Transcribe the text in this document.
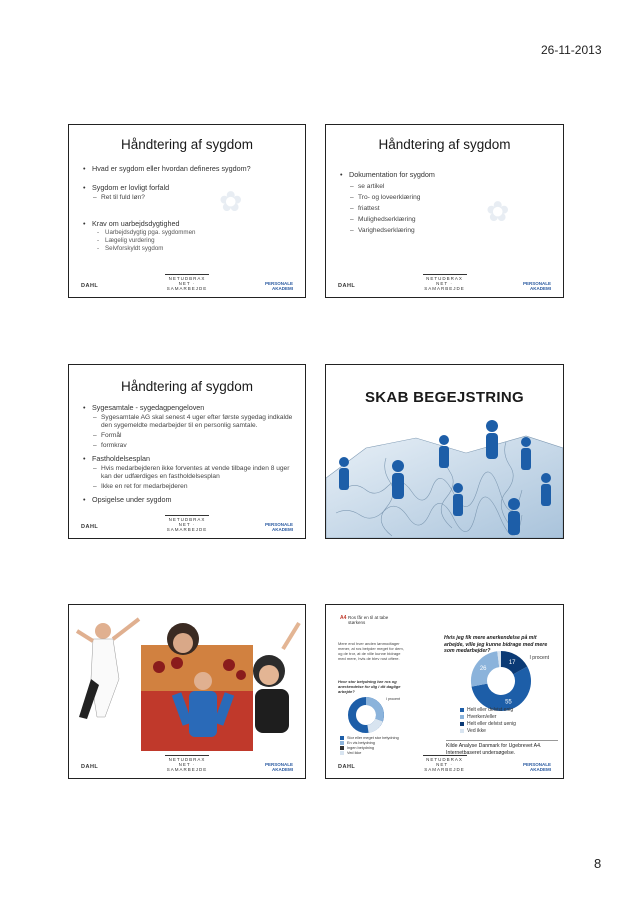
26-11-2013
✿
Håndtering af sygdom
• Hvad er sygdom eller hvordan defineres sygdom?
• Sygdom er lovligt forfald
– Ret til fuld løn?
• Krav om uarbejdsdygtighed
- Uarbejdsdygtig pga. sygdommen
- Lægelig vurdering
- Selvforskyldt sygdom
DAHL
NETUDBRAX
NET · SAMARBEJDE
PERSONALE
AKADEMI
✿
Håndtering af sygdom
• Dokumentation for sygdom
– se artikel
– Tro- og loveerklæring
– friattest
– Mulighedserklæring
– Varighedserklæring
DAHL
NETUDBRAX
NET · SAMARBEJDE
PERSONALE
AKADEMI
Håndtering af sygdom
• Sygesamtale - sygedagpengeloven
– Sygesamtale AG skal senest 4 uger efter første sygedag indkalde den sygemeldte medarbejder til en personlig samtale.
– Formål
– formkrav
• Fastholdelsesplan
– Hvis medarbejderen ikke forventes at vende tilbage inden 8 uger kan der udfærdiges en fastholdelsesplan
– Ikke en ret for medarbejderen
• Opsigelse under sygdom
DAHL
NETUDBRAX
NET · SAMARBEJDE
PERSONALE
AKADEMI
SKAB BEGEJSTRING
DAHL
NETUDBRAX
NET · SAMARBEJDE
PERSONALE
AKADEMI
A4 Ros får en til at tabe størkens
Mere end hver anden lønmodtager mener, at ros betyder meget for dem, og de tror, at de ville kunne bidrage med mere, hvis de blev rost oftere.
Hvor stor betydning har ros og anerkendelse for dig i dit daglige arbejde?
I procent
Stor eller meget stor betydning
En vis betydning
Ingen betydning
Ved ikke
Hvis jeg fik mere anerkendelse på mit arbejde, ville jeg kunne bidrage med mere som medarbejder?
I procent
17
26
55
Helt eller delvist enig
Hverken/eller
Helt eller delvist uenig
Ved ikke
Kilde Analyse Danmark for Ugebrevet A4. Internetbaseret undersøgelse.
DAHL
NETUDBRAX
NET · SAMARBEJDE
PERSONALE
AKADEMI
8
